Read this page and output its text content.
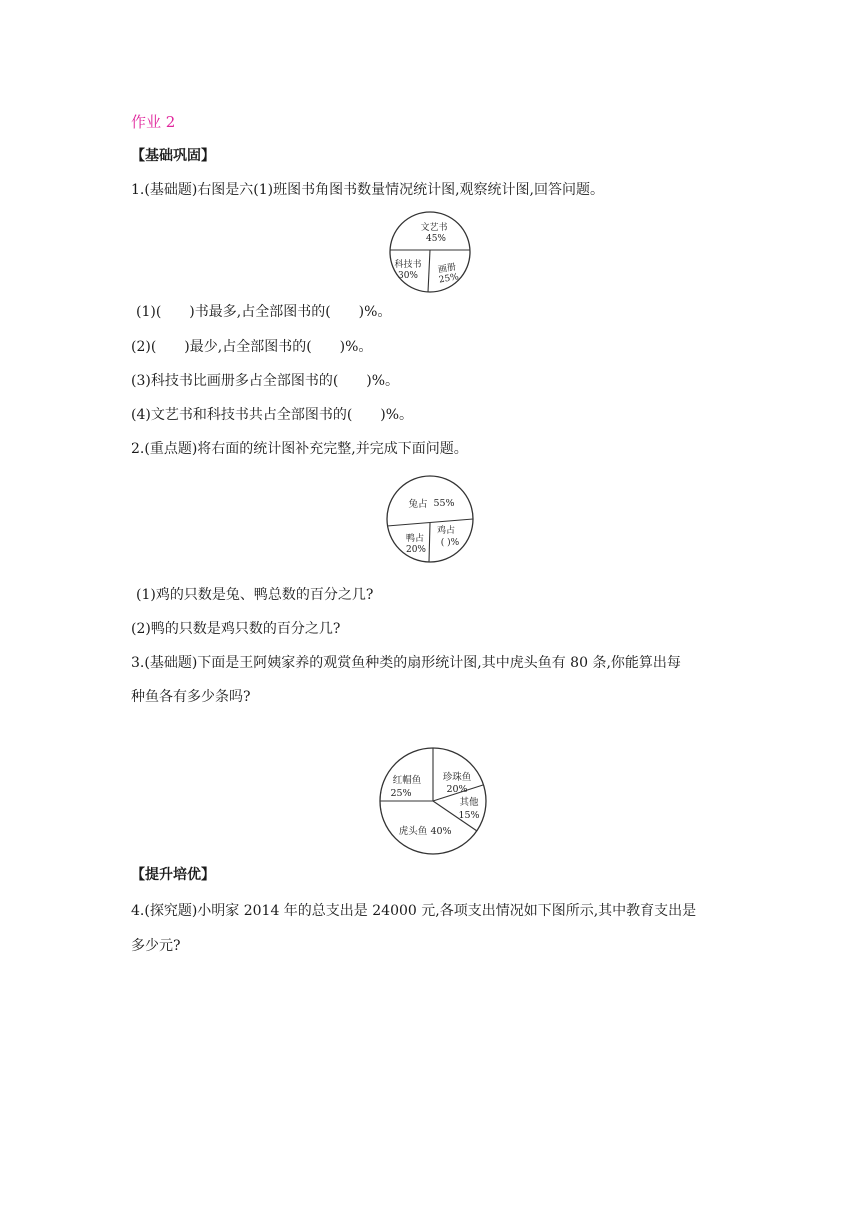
作业 2
【基础巩固】
1.(基础题)右图是六(1)班图书角图书数量情况统计图,观察统计图,回答问题。
文艺书
45%
科技书
30%
画册
25%
(1)(　　)书最多,占全部图书的(　　)%。
(2)(　　)最少,占全部图书的(　　)%。
(3)科技书比画册多占全部图书的(　　)%。
(4)文艺书和科技书共占全部图书的(　　)%。
2.(重点题)将右面的统计图补充完整,并完成下面问题。
兔占 55%
鸭占
20%
鸡占
( )%
(1)鸡的只数是兔、鸭总数的百分之几?
(2)鸭的只数是鸡只数的百分之几?
3.(基础题)下面是王阿姨家养的观赏鱼种类的扇形统计图,其中虎头鱼有 80 条,你能算出每
种鱼各有多少条吗?
红帽鱼
25%
珍珠鱼
20%
其他
15%
虎头鱼 40%
【提升培优】
4.(探究题)小明家 2014 年的总支出是 24000 元,各项支出情况如下图所示,其中教育支出是
多少元?
